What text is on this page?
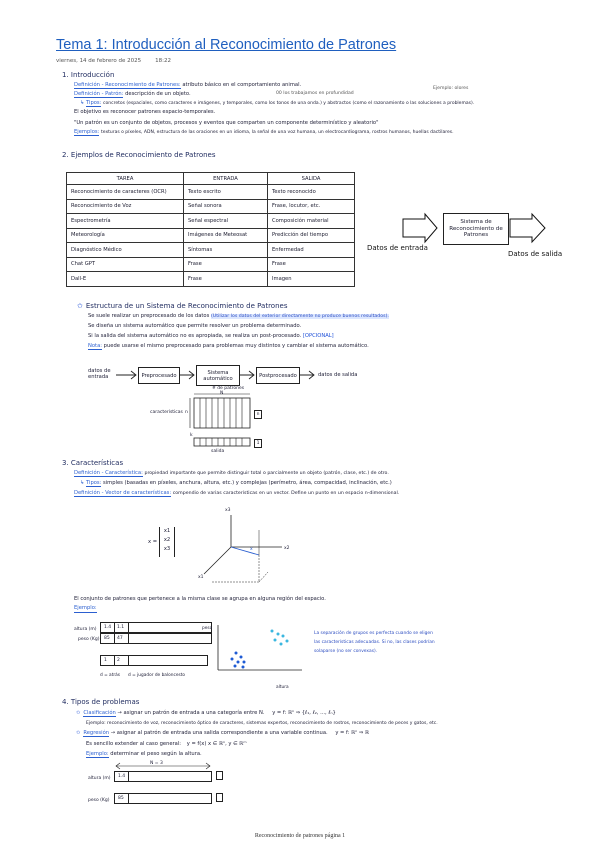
Tema 1: Introducción al Reconocimiento de Patrones
viernes, 14 de febrero de 2025	18:22
1. Introducción
Definición - Reconocimiento de Patrones: atributo básico en el comportamiento animal.
Definición - Patrón: descripción de un objeto.	00 los trabajamos en profundidad
Ejemplo: olores
↳ Tipos: concretos (espaciales, como caracteres e imágenes, y temporales, como los tonos de una onda.) y abstractos (como el razonamiento o las soluciones a problemas).
El objetivo es reconocer patrones espacio-temporales.
"Un patrón es un conjunto de objetos, procesos y eventos que comparten un componente determinístico y aleatorio"
Ejemplos: texturas o píxeles, ADN, estructura de las oraciones en un idioma, la señal de una voz humana, un electrocardiograma, rostros humanos, huellas dactilares.
2. Ejemplos de Reconocimiento de Patrones
TAREA	ENTRADA	SALIDA
Reconocimiento de caracteres (OCR)	Texto escrito	Texto reconocido
Reconocimiento de Voz	Señal sonora	Frase, locutor, etc.
Espectrometría	Señal espectral	Composición material
Meteorología	Imágenes de Meteosat	Predicción del tiempo
Diagnóstico Médico	Síntomas	Enfermedad
Chat GPT	Frase	Frase
Dall-E	Frase	Imagen
Sistema de Reconocimiento de Patrones
Datos de entrada
Datos de salida
✩ Estructura de un Sistema de Reconocimiento de Patrones
Se suele realizar un preprocesado de los datos (Utilizar los datos del exterior directamente no produce buenos resultados).
Se diseña un sistema automático que permite resolver un problema determinado.
Si la salida del sistema automático no es apropiada, se realiza un post-procesado. [OPCIONAL]
Nota: puede usarse el mismo preprocesado para problemas muy distintos y cambiar el sistema automático.
datos de entrada	Preprocesado	Sistema automático	Postprocesado	datos de salida
# de patrones
N
características n
k
salida
n
1
3. Características
Definición - Característica: propiedad importante que permite distinguir total o parcialmente un objeto (patrón, clase, etc.) de otro.
↳ Tipos: simples (basadas en píxeles, anchura, altura, etc.) y complejas (perímetro, área, compacidad, inclinación, etc.)
Definición - Vector de características: compendio de varias características en un vector. Define un punto en un espacio n-dimensional.
x =
x1
x2
x3
x3
x2
x1
x
El conjunto de patrones que pertenece a la misma clase se agrupa en alguna región del espacio.
Ejemplo:
altura (m)
peso (Kg)
1.4 1.1
85 47
1 2
d = atrás d = jugador de baloncesto
peso
altura
La separación de grupos es perfecta cuando se eligen las características adecuadas. Si no, las clases podrían solaparse (no ser convexas).
4. Tipos de problemas
✩ Clasificación → asignar un patrón de entrada a una categoría entre N. y = f: ℝⁿ ⇒ {ℓ₁, ℓ₂, ..., ℓₙ}
Ejemplo: reconocimiento de voz, reconocimiento óptico de caracteres, sistemas expertos, reconocimiento de rostros, reconocimiento de peces y gatos, etc.
✩ Regresión → asignar al patrón de entrada una salida correspondiente a una variable continua. y = f: ℝⁿ ⇒ ℝ
Es sencillo extender al caso general: y = f(x) x ∈ ℝⁿ, y ∈ ℝᵐ
Ejemplo: determinar el peso según la altura.
N = 3
altura (m) 1.4
peso (Kg) 85
Reconocimiento de patrones página 1
